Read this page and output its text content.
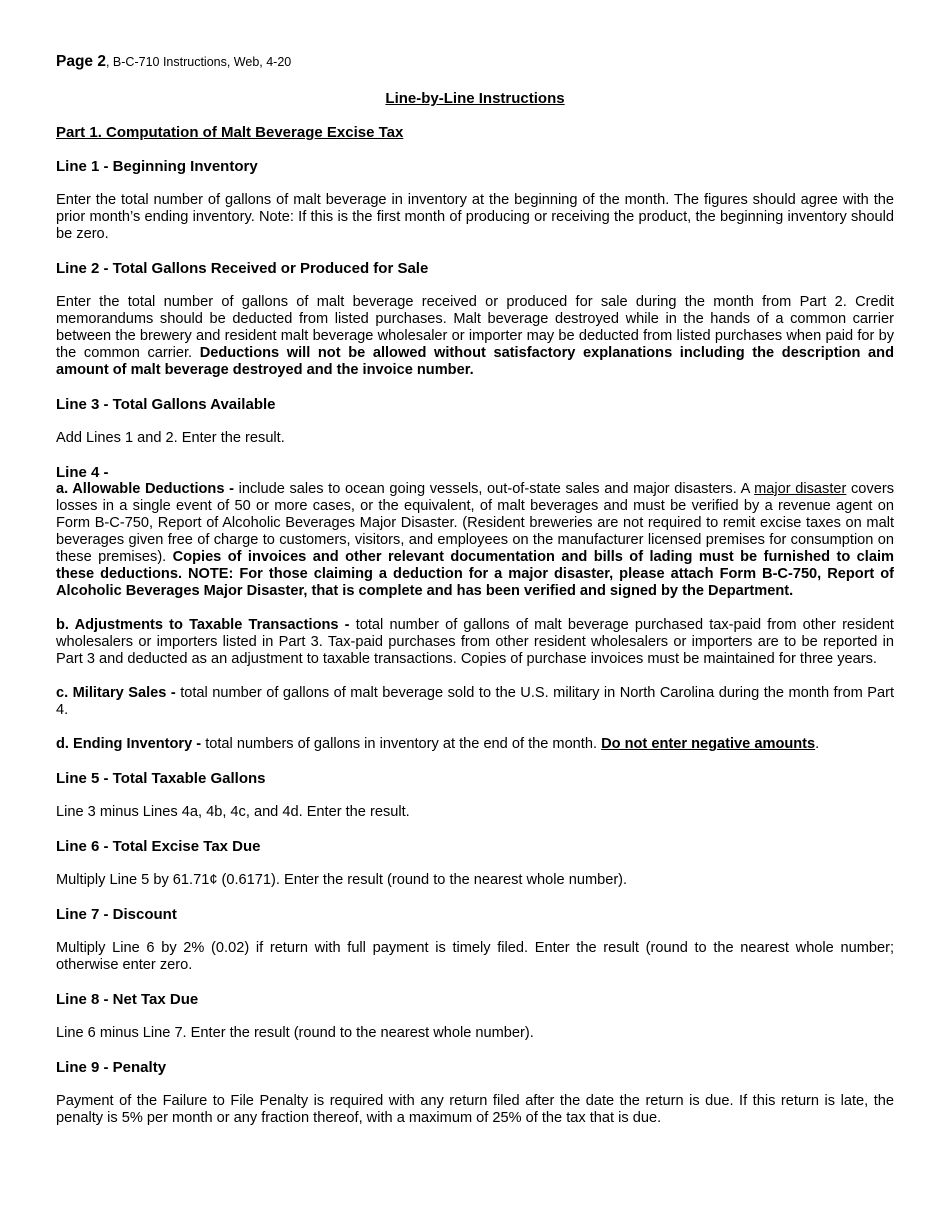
Page 2, B-C-710 Instructions, Web, 4-20
Line-by-Line Instructions
Part 1. Computation of Malt Beverage Excise Tax
Line 1 - Beginning Inventory
Enter the total number of gallons of malt beverage in inventory at the beginning of the month. The figures should agree with the prior month’s ending inventory. Note: If this is the first month of producing or receiving the product, the beginning inventory should be zero.
Line 2 - Total Gallons Received or Produced for Sale
Enter the total number of gallons of malt beverage received or produced for sale during the month from Part 2. Credit memorandums should be deducted from listed purchases. Malt beverage destroyed while in the hands of a common carrier between the brewery and resident malt beverage wholesaler or importer may be deducted from listed purchases when paid for by the common carrier. Deductions will not be allowed without satisfactory explanations including the description and amount of malt beverage destroyed and the invoice number.
Line 3 - Total Gallons Available
Add Lines 1 and 2. Enter the result.
Line 4 -
a. Allowable Deductions - include sales to ocean going vessels, out-of-state sales and major disasters. A major disaster covers losses in a single event of 50 or more cases, or the equivalent, of malt beverages and must be verified by a revenue agent on Form B-C-750, Report of Alcoholic Beverages Major Disaster. (Resident breweries are not required to remit excise taxes on malt beverages given free of charge to customers, visitors, and employees on the manufacturer licensed premises for consumption on these premises). Copies of invoices and other relevant documentation and bills of lading must be furnished to claim these deductions. NOTE: For those claiming a deduction for a major disaster, please attach Form B-C-750, Report of Alcoholic Beverages Major Disaster, that is complete and has been verified and signed by the Department.
b. Adjustments to Taxable Transactions - total number of gallons of malt beverage purchased tax-paid from other resident wholesalers or importers listed in Part 3. Tax-paid purchases from other resident wholesalers or importers are to be reported in Part 3 and deducted as an adjustment to taxable transactions. Copies of purchase invoices must be maintained for three years.
c. Military Sales - total number of gallons of malt beverage sold to the U.S. military in North Carolina during the month from Part 4.
d. Ending Inventory - total numbers of gallons in inventory at the end of the month. Do not enter negative amounts.
Line 5 - Total Taxable Gallons
Line 3 minus Lines 4a, 4b, 4c, and 4d. Enter the result.
Line 6 - Total Excise Tax Due
Multiply Line 5 by 61.71¢ (0.6171). Enter the result (round to the nearest whole number).
Line 7 - Discount
Multiply Line 6 by 2% (0.02) if return with full payment is timely filed. Enter the result (round to the nearest whole number; otherwise enter zero.
Line 8 - Net Tax Due
Line 6 minus Line 7. Enter the result (round to the nearest whole number).
Line 9 - Penalty
Payment of the Failure to File Penalty is required with any return filed after the date the return is due. If this return is late, the penalty is 5% per month or any fraction thereof, with a maximum of 25% of the tax that is due.
